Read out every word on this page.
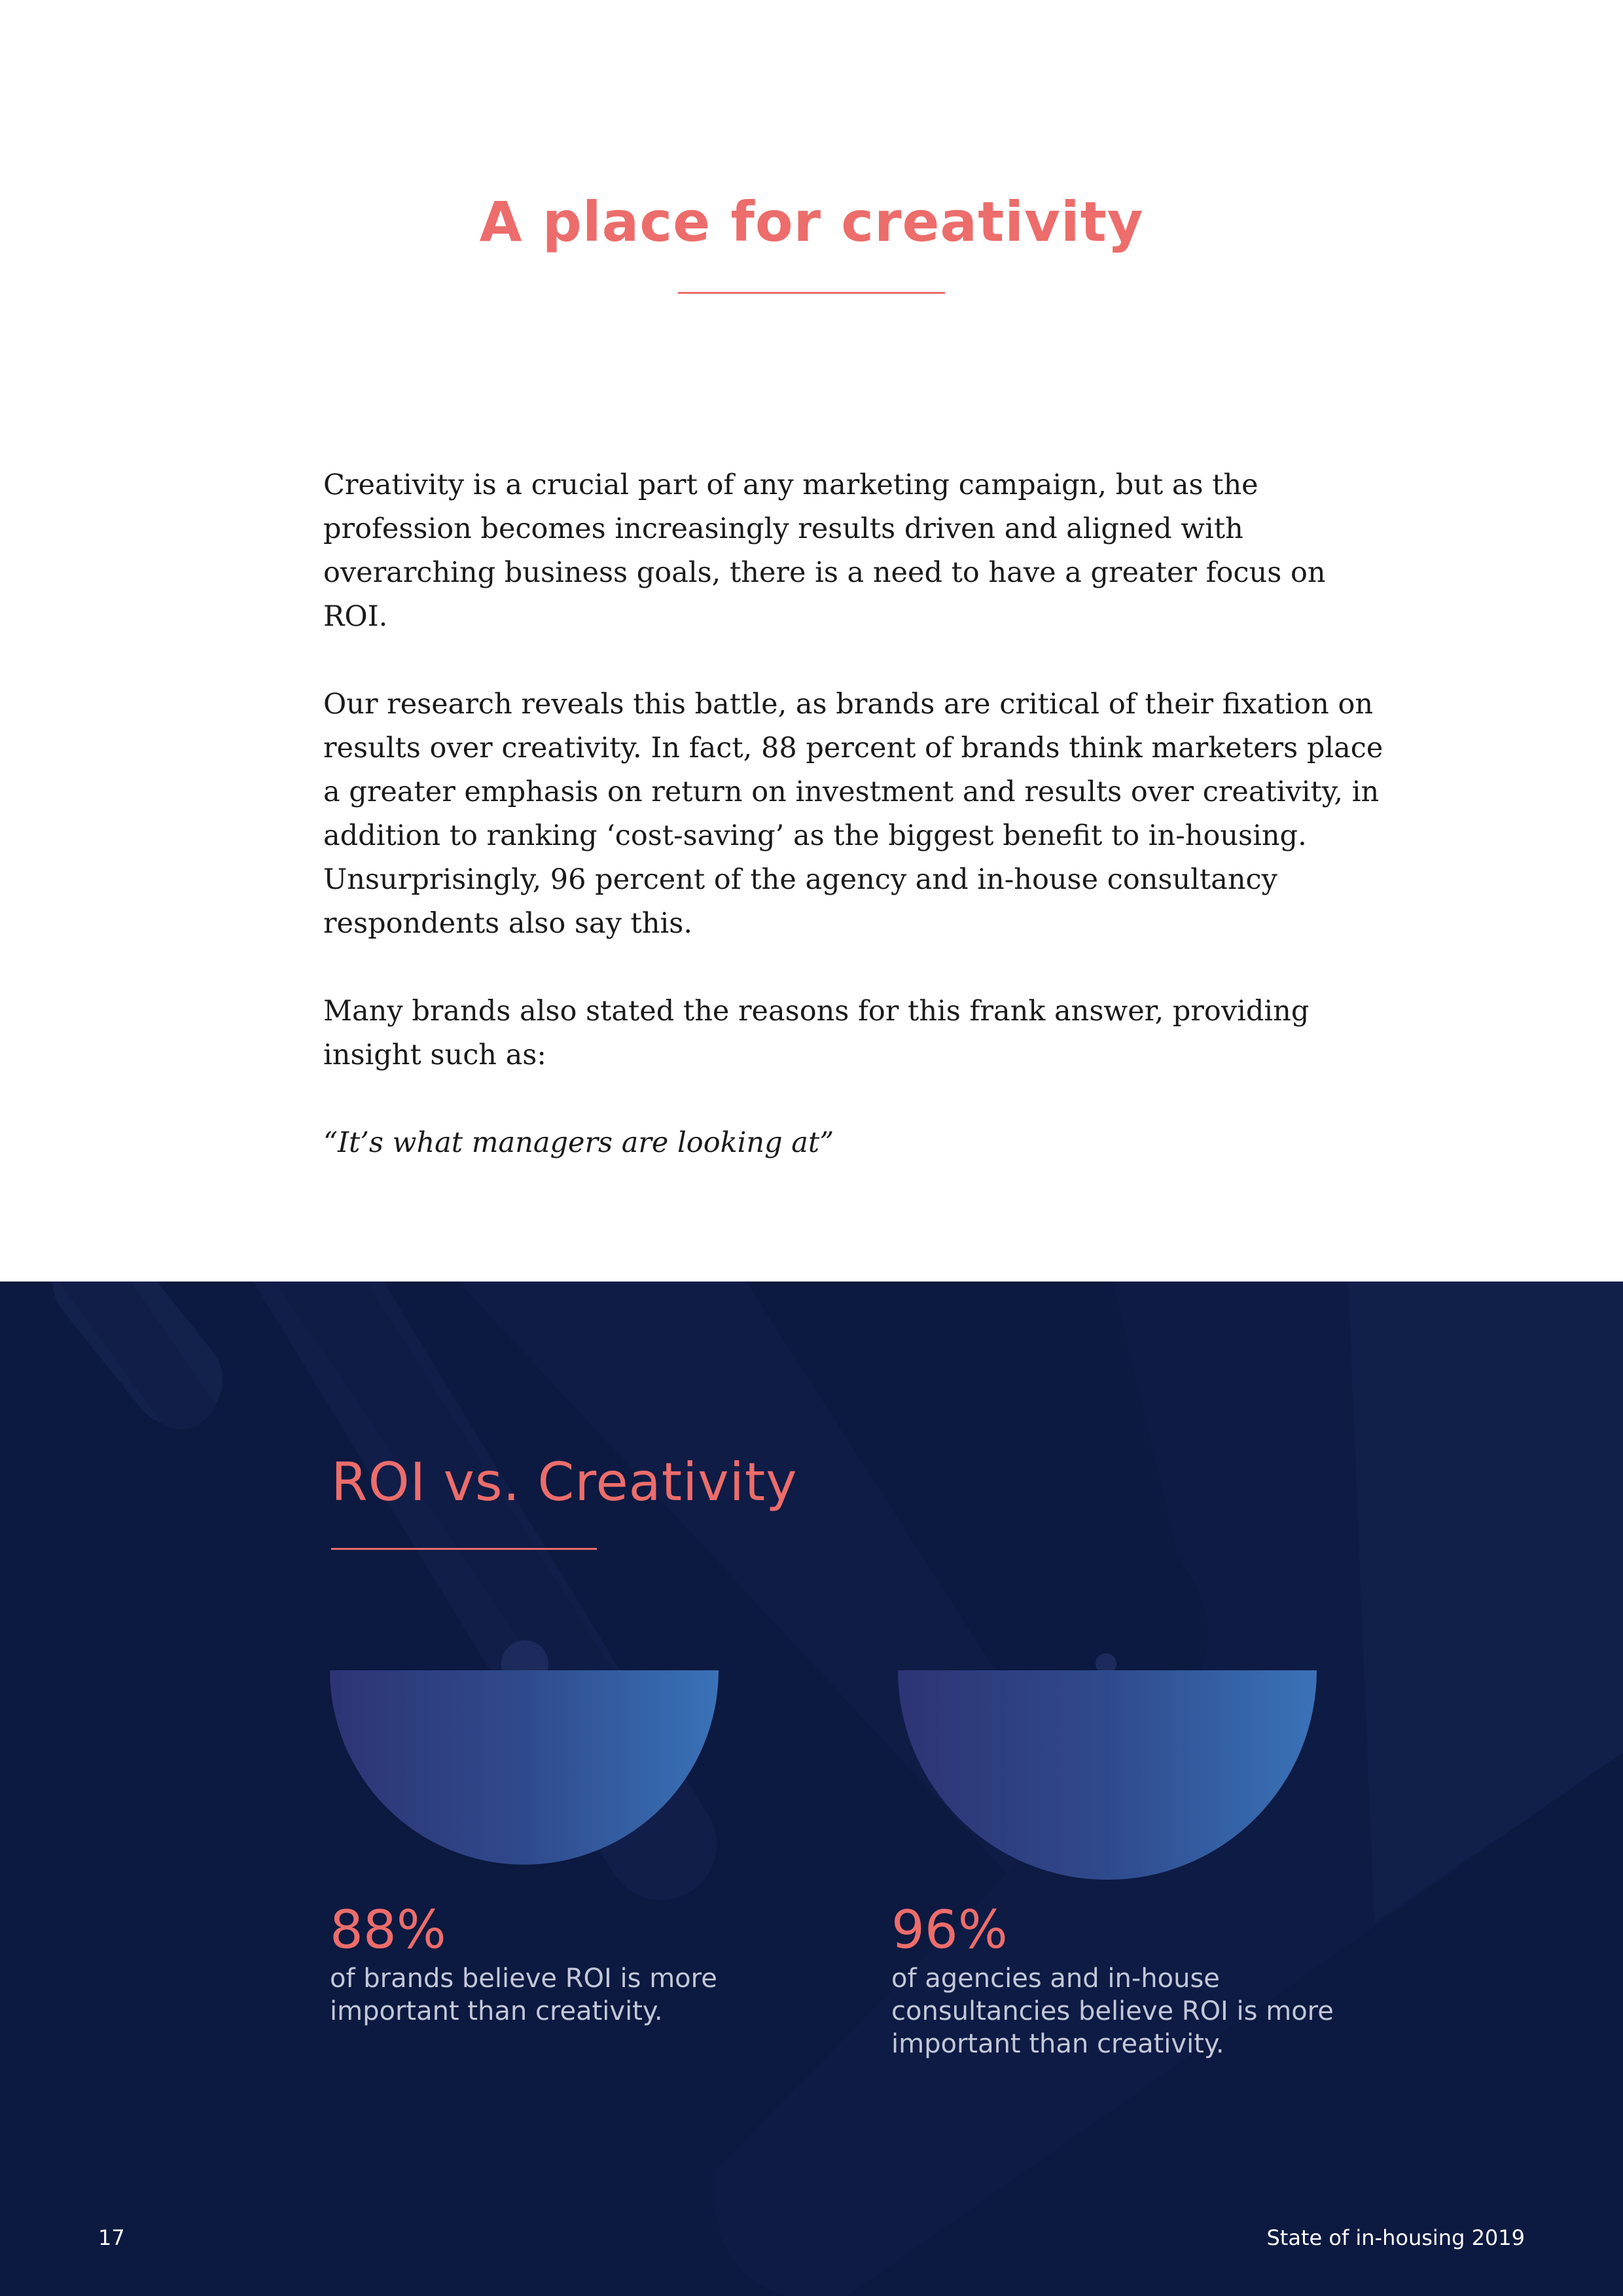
A place for creativity

Creativity is a crucial part of any marketing campaign, but as the profession becomes increasingly results driven and aligned with overarching business goals, there is a need to have a greater focus on ROI.

Our research reveals this battle, as brands are critical of their fixation on results over creativity. In fact, 88 percent of brands think marketers place a greater emphasis on return on investment and results over creativity, in addition to ranking ‘cost-saving’ as the biggest benefit to in-housing. Unsurprisingly, 96 percent of the agency and in-house consultancy respondents also say this.

Many brands also stated the reasons for this frank answer, providing insight such as:

“It’s what managers are looking at”

ROI vs. Creativity
88%
of brands believe ROI is more important than creativity.
96%
of agencies and in-house consultancies believe ROI is more important than creativity.
17	State of in-housing 2019
